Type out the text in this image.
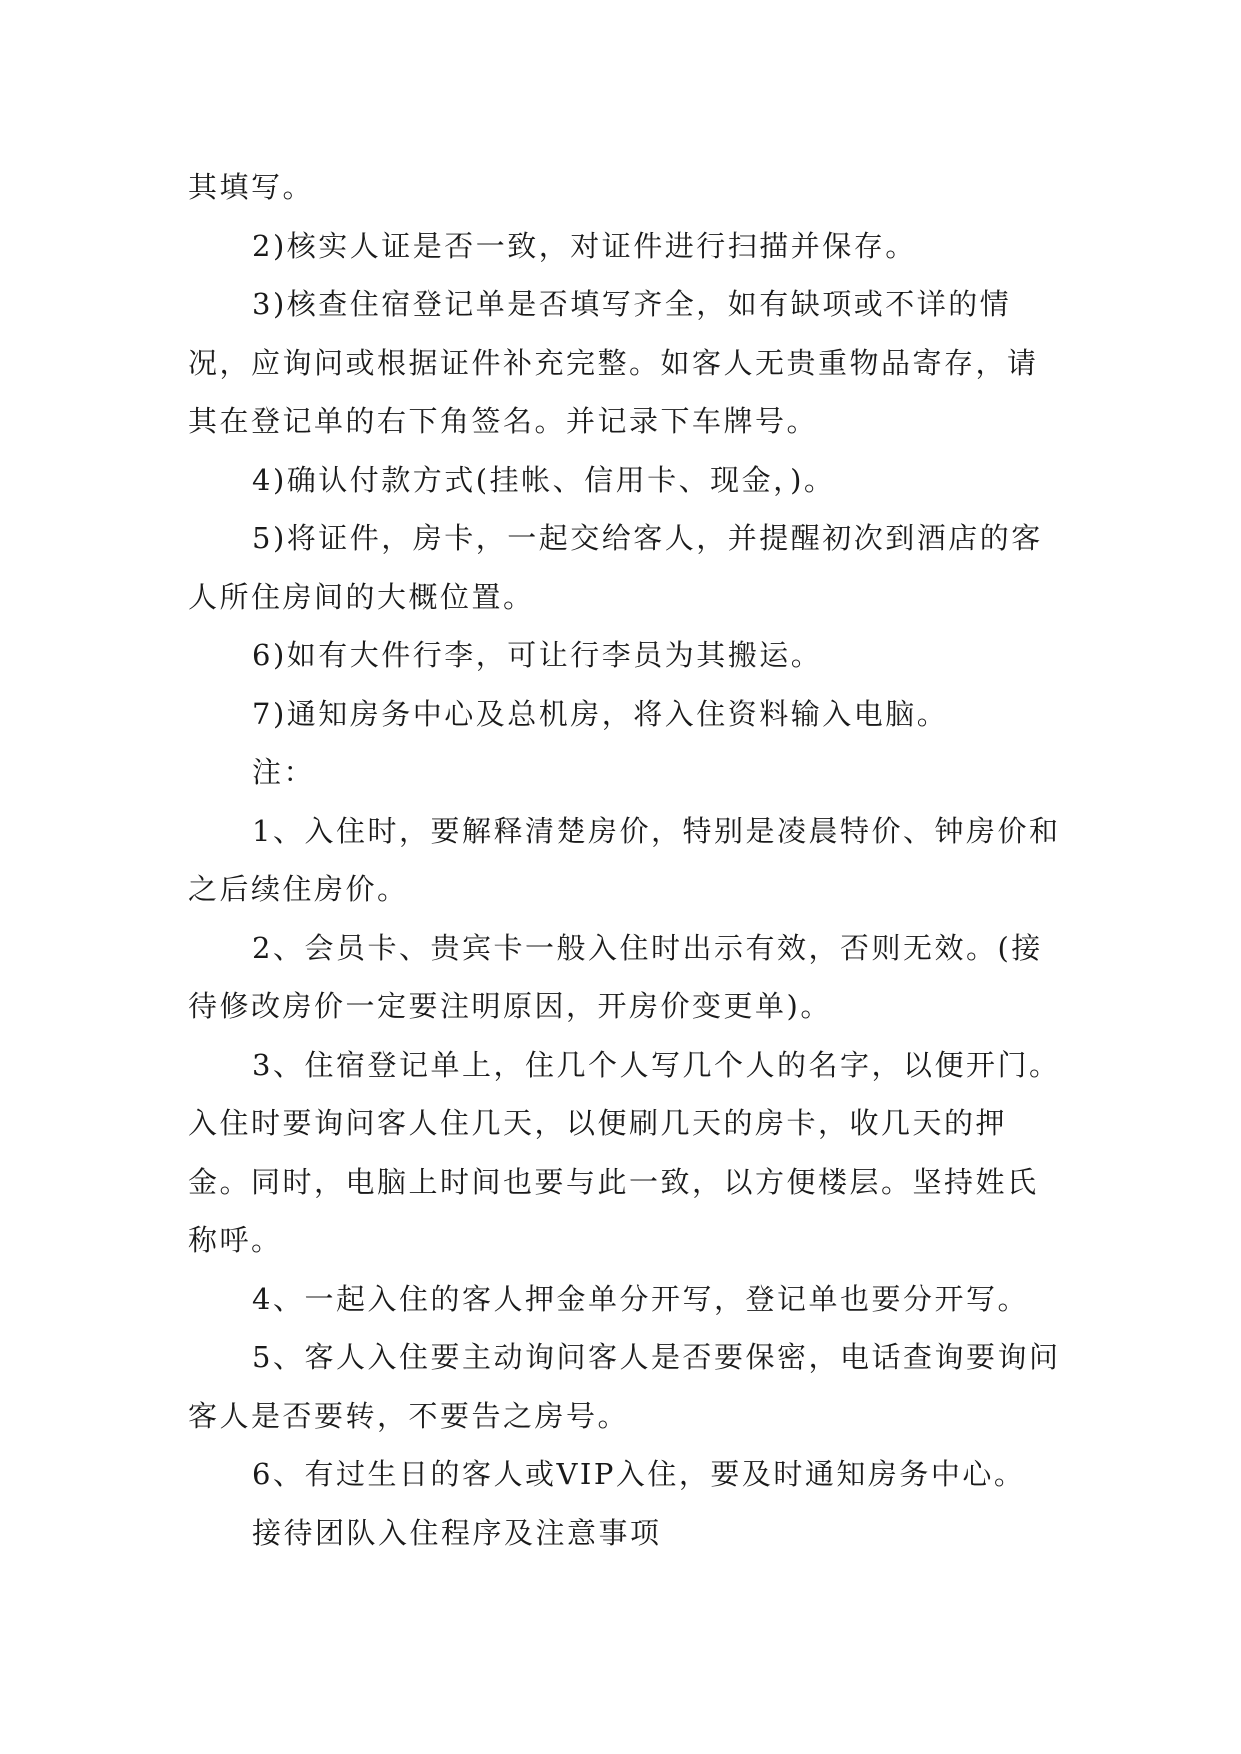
其填写。

2)核实人证是否一致，对证件进行扫描并保存。

3)核查住宿登记单是否填写齐全，如有缺项或不详的情况，应询问或根据证件补充完整。如客人无贵重物品寄存，请其在登记单的右下角签名。并记录下车牌号。

4)确认付款方式(挂帐、信用卡、现金，)。

5)将证件，房卡，一起交给客人，并提醒初次到酒店的客人所住房间的大概位置。

6)如有大件行李，可让行李员为其搬运。

7)通知房务中心及总机房，将入住资料输入电脑。

注：

1、入住时，要解释清楚房价，特别是凌晨特价、钟房价和之后续住房价。

2、会员卡、贵宾卡一般入住时出示有效，否则无效。(接待修改房价一定要注明原因，开房价变更单)。

3、住宿登记单上，住几个人写几个人的名字，以便开门。入住时要询问客人住几天，以便刷几天的房卡，收几天的押金。同时，电脑上时间也要与此一致，以方便楼层。坚持姓氏称呼。

4、一起入住的客人押金单分开写，登记单也要分开写。

5、客人入住要主动询问客人是否要保密，电话查询要询问客人是否要转，不要告之房号。

6、有过生日的客人或VIP入住，要及时通知房务中心。

接待团队入住程序及注意事项
